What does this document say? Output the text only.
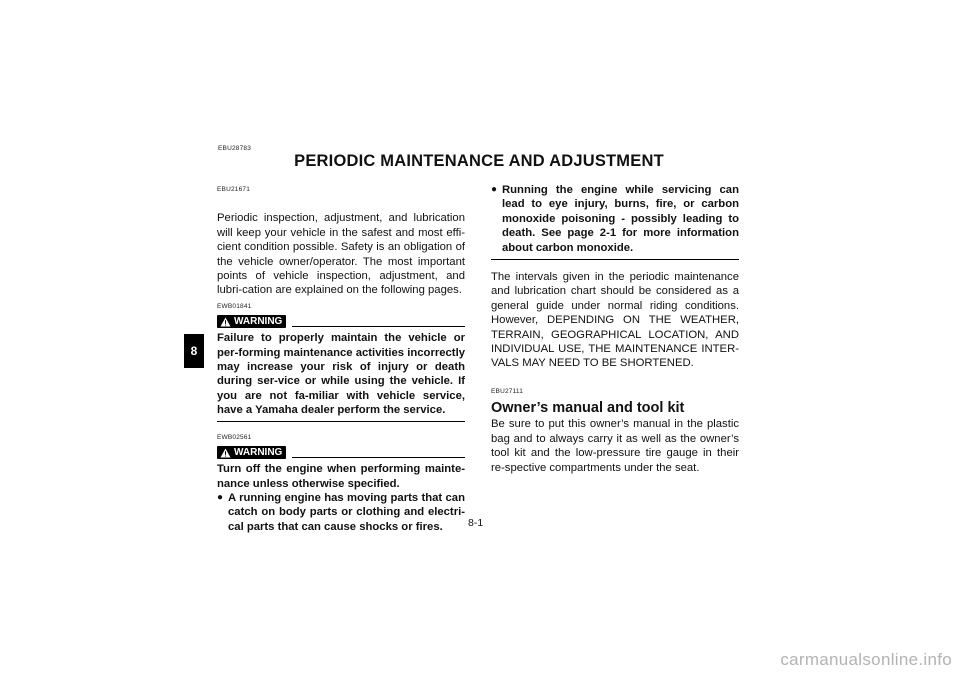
EBU28783
PERIODIC MAINTENANCE AND ADJUSTMENT
8
EBU21671

Periodic inspection, adjustment, and lubrication will keep your vehicle in the safest and most effi-cient condition possible. Safety is an obligation of the vehicle owner/operator. The most important points of vehicle inspection, adjustment, and lubri-cation are explained on the following pages.

EWB01841
WARNING

Failure to properly maintain the vehicle or per-forming maintenance activities incorrectly may increase your risk of injury or death during ser-vice or while using the vehicle. If you are not fa-miliar with vehicle service, have a Yamaha dealer perform the service.

EWB02561
WARNING

Turn off the engine when performing mainte-nance unless otherwise specified.

● A running engine has moving parts that can catch on body parts or clothing and electri-cal parts that can cause shocks or fires.

● Running the engine while servicing can lead to eye injury, burns, fire, or carbon monoxide poisoning - possibly leading to death. See page 2-1 for more information about carbon monoxide.

The intervals given in the periodic maintenance and lubrication chart should be considered as a general guide under normal riding conditions. However, DEPENDING ON THE WEATHER, TERRAIN, GEOGRAPHICAL LOCATION, AND INDIVIDUAL USE, THE MAINTENANCE INTER-VALS MAY NEED TO BE SHORTENED.

EBU27111
Owner’s manual and tool kit

Be sure to put this owner’s manual in the plastic bag and to always carry it as well as the owner’s tool kit and the low-pressure tire gauge in their re-spective compartments under the seat.

8-1
carmanualsonline.info
